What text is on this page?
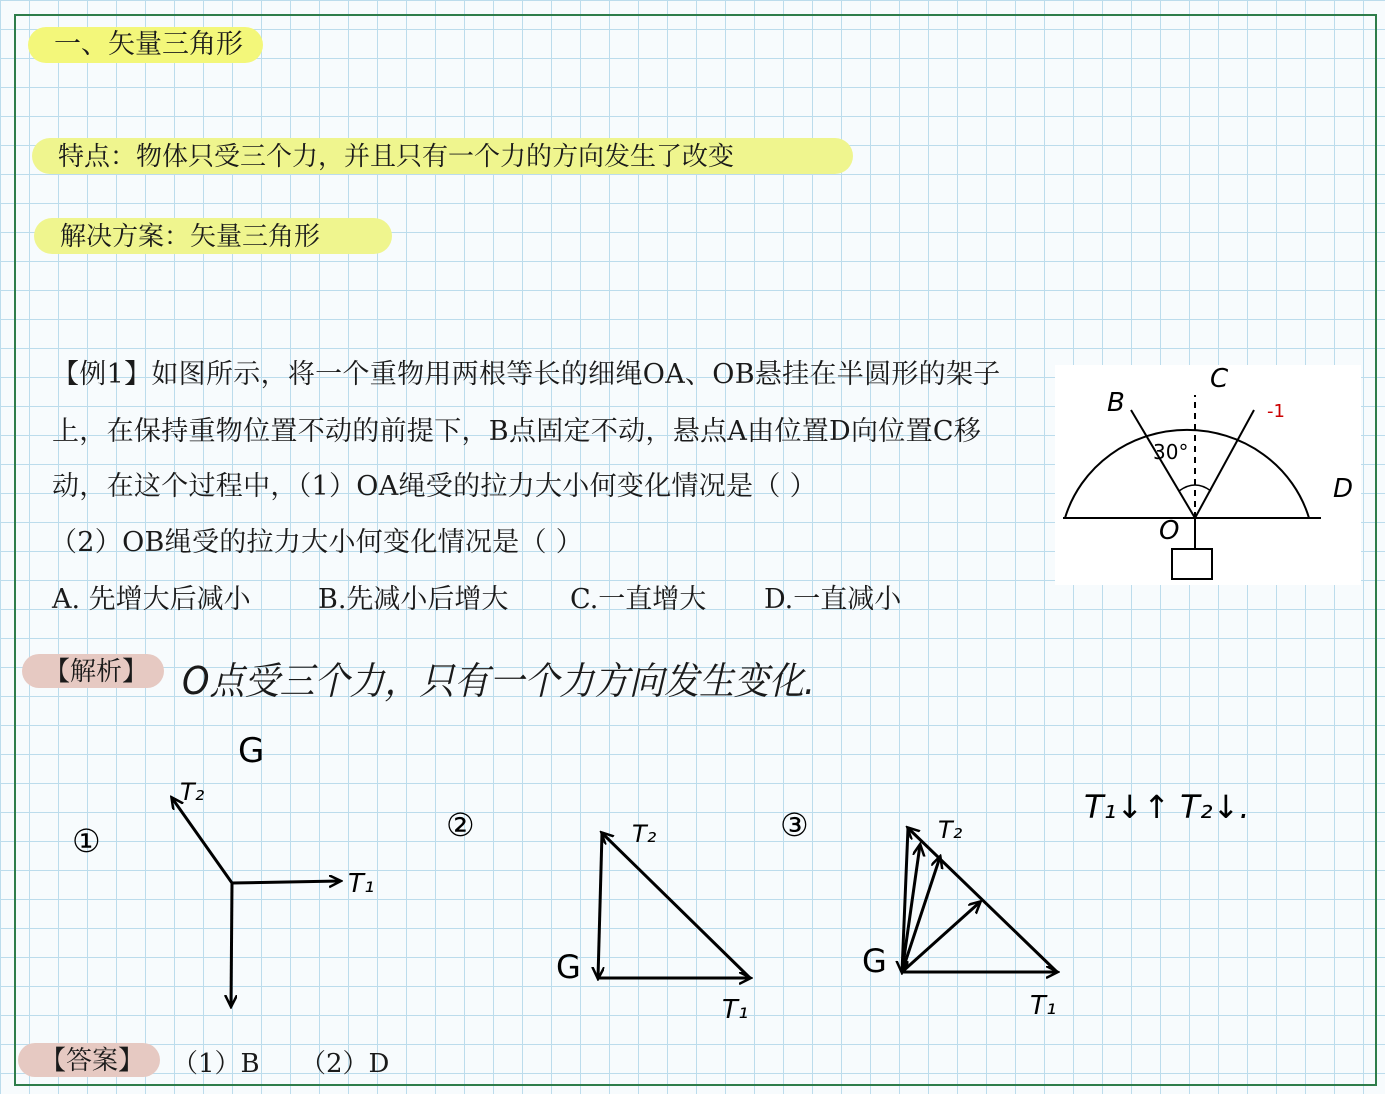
一、矢量三角形
特点：物体只受三个力，并且只有一个力的方向发生了改变
解决方案：矢量三角形
【例1】如图所示，将一个重物用两根等长的细绳OA、OB悬挂在半圆形的架子
上，在保持重物位置不动的前提下，B点固定不动，悬点A由位置D向位置C移
动，在这个过程中，（1）OA绳受的拉力大小何变化情况是（ ）
（2）OB绳受的拉力大小何变化情况是（ ）
A. 先增大后减小 B.先减小后增大 C.一直增大 D.一直减小
B
C
D
O
30°
-1
【解析】 O点受三个力，只有一个力方向发生变化.
G
①
T₂
T₁
②	T₂
G
T₁
③	T₂
G
T₁
T₁↓↑ T₂↓.
【答案】	（1）B （2）D
